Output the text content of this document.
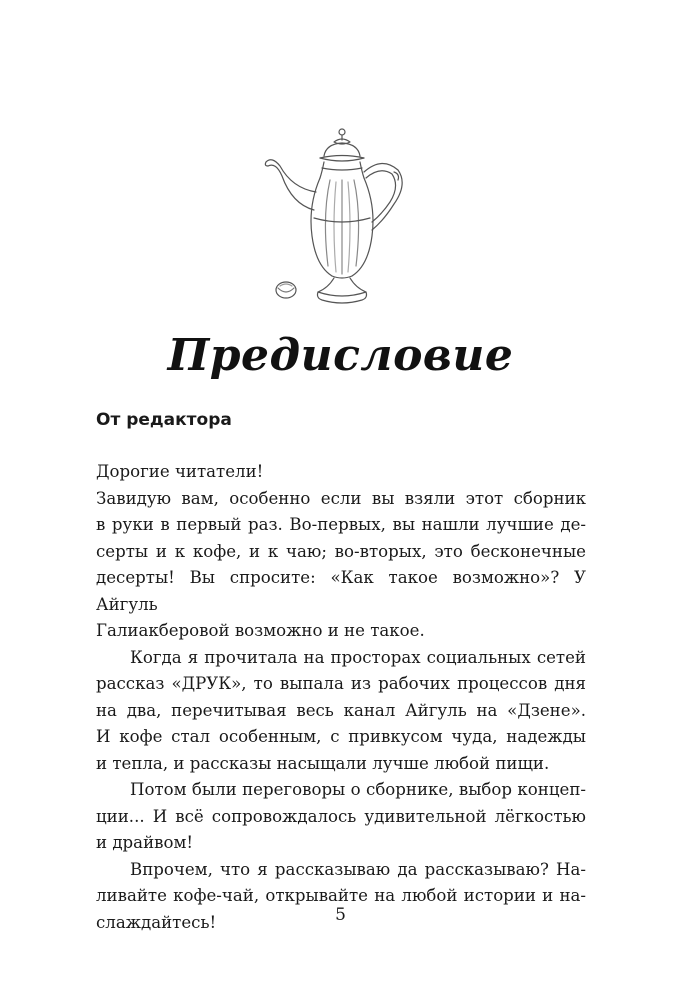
Предисловие
От редактора
Дорогие читатели!
Завидую вам, особенно если вы взяли этот сборник
в руки в первый раз. Во-первых, вы нашли лучшие де-
серты и к кофе, и к чаю; во-вторых, это бесконечные
десерты! Вы спросите: «Как такое возможно»? У Айгуль
Галиакберовой возможно и не такое.
Когда я прочитала на просторах социальных сетей
рассказ «ДРУК», то выпала из рабочих процессов дня
на два, перечитывая весь канал Айгуль на «Дзене».
И кофе стал особенным, с привкусом чуда, надежды
и тепла, и рассказы насыщали лучше любой пищи.
Потом были переговоры о сборнике, выбор концеп-
ции... И всё сопровождалось удивительной лёгкостью
и драйвом!
Впрочем, что я рассказываю да рассказываю? На-
ливайте кофе-чай, открывайте на любой истории и на-
слаждайтесь!	5
